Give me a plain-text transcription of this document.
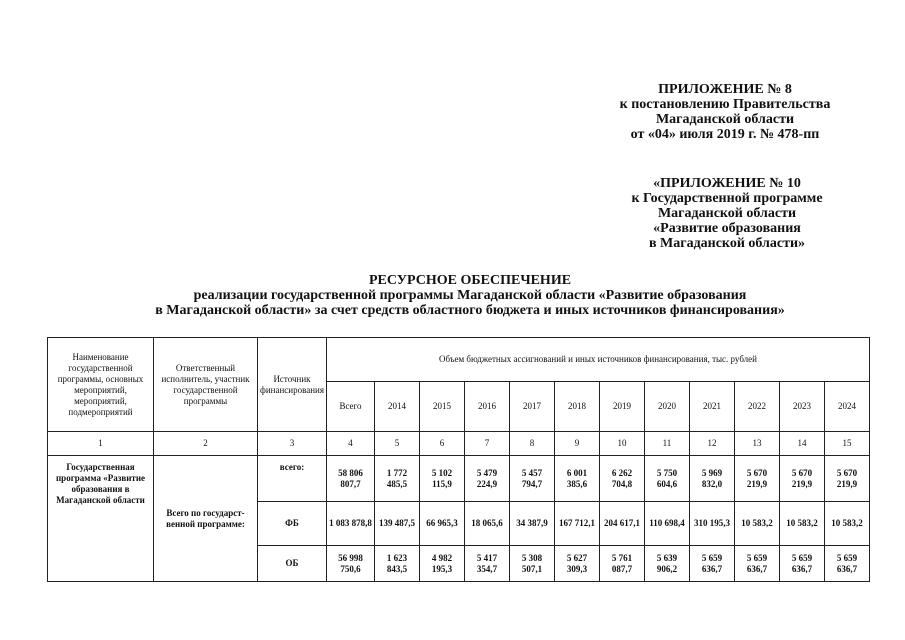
ПРИЛОЖЕНИЕ № 8
к постановлению Правительства
Магаданской области
от «04» июля 2019 г. № 478-пп
«ПРИЛОЖЕНИЕ № 10
к Государственной программе
Магаданской области
«Развитие образования
в Магаданской области»
РЕСУРСНОЕ ОБЕСПЕЧЕНИЕ
реализации государственной программы Магаданской области «Развитие образования
в Магаданской области» за счет средств областного бюджета и иных источников финансирования»
Наименование государственной программы, основных мероприятий, мероприятий, подмероприятий	Ответственный исполнитель, участник государственной программы	Источник финансирования	Объем бюджетных ассигнований и иных источников финансирования, тыс. рублей											
			Всего	2014	2015	2016	2017	2018	2019	2020	2021	2022	2023	2024
1	2	3	4	5	6	7	8	9	10	11	12	13	14	15
Государственная программа «Развитие образования в Магаданской области	Всего по государст-венной программе:	всего:	58 806 807,7	1 772 485,5	5 102 115,9	5 479 224,9	5 457 794,7	6 001 385,6	6 262 704,8	5 750 604,6	5 969 832,0	5 670 219,9	5 670 219,9	5 670 219,9
		ФБ	1 083 878,8	139 487,5	66 965,3	18 065,6	34 387,9	167 712,1	204 617,1	110 698,4	310 195,3	10 583,2	10 583,2	10 583,2
		ОБ	56 998 750,6	1 623 843,5	4 982 195,3	5 417 354,7	5 308 507,1	5 627 309,3	5 761 087,7	5 639 906,2	5 659 636,7	5 659 636,7	5 659 636,7	5 659 636,7
